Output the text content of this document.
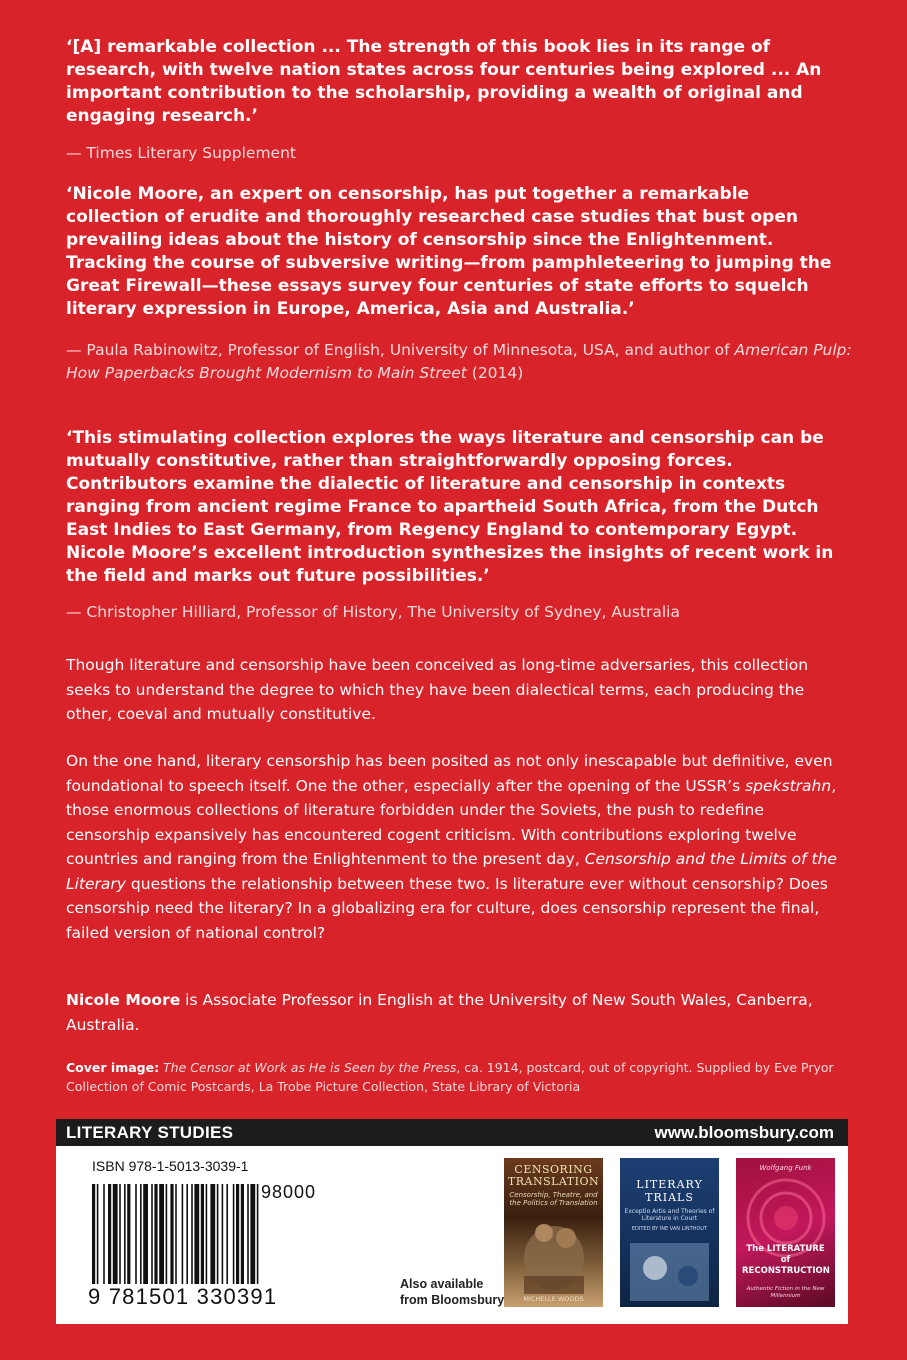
‘[A] remarkable collection ... The strength of this book lies in its range of research, with twelve nation states across four centuries being explored ... An important contribution to the scholarship, providing a wealth of original and engaging research.’

— Times Literary Supplement

‘Nicole Moore, an expert on censorship, has put together a remarkable collection of erudite and thoroughly researched case studies that bust open prevailing ideas about the history of censorship since the Enlightenment. Tracking the course of subversive writing—from pamphleteering to jumping the Great Firewall—these essays survey four centuries of state efforts to squelch literary expression in Europe, America, Asia and Australia.’

— Paula Rabinowitz, Professor of English, University of Minnesota, USA, and author of American Pulp: How Paperbacks Brought Modernism to Main Street (2014)

‘This stimulating collection explores the ways literature and censorship can be mutually constitutive, rather than straightforwardly opposing forces. Contributors examine the dialectic of literature and censorship in contexts ranging from ancient regime France to apartheid South Africa, from the Dutch East Indies to East Germany, from Regency England to contemporary Egypt. Nicole Moore’s excellent introduction synthesizes the insights of recent work in the field and marks out future possibilities.’

— Christopher Hilliard, Professor of History, The University of Sydney, Australia

Though literature and censorship have been conceived as long-time adversaries, this collection seeks to understand the degree to which they have been dialectical terms, each producing the other, coeval and mutually constitutive.

On the one hand, literary censorship has been posited as not only inescapable but definitive, even foundational to speech itself. One the other, especially after the opening of the USSR’s spekstrahn, those enormous collections of literature forbidden under the Soviets, the push to redefine censorship expansively has encountered cogent criticism. With contributions exploring twelve countries and ranging from the Enlightenment to the present day, Censorship and the Limits of the Literary questions the relationship between these two. Is literature ever without censorship? Does censorship need the literary? In a globalizing era for culture, does censorship represent the final, failed version of national control?

Nicole Moore is Associate Professor in English at the University of New South Wales, Canberra, Australia.

Cover image: The Censor at Work as He is Seen by the Press, ca. 1914, postcard, out of copyright. Supplied by Eve Pryor Collection of Comic Postcards, La Trobe Picture Collection, State Library of Victoria

LITERARY STUDIES	www.bloomsbury.com
ISBN 978-1-5013-3039-1
98000
9 781501 330391	Also available
from Bloomsbury
CENSORING TRANSLATION
Censorship, Theatre, and the Politics of Translation
MICHELLE WOODS
LITERARY TRIALS
Exceptio Artis and Theories of Literature in Court
EDITED BY INE VAN LINTHOUT
Wolfgang Funk
The LITERATURE of RECONSTRUCTION
Authentic Fiction in the New Millennium
